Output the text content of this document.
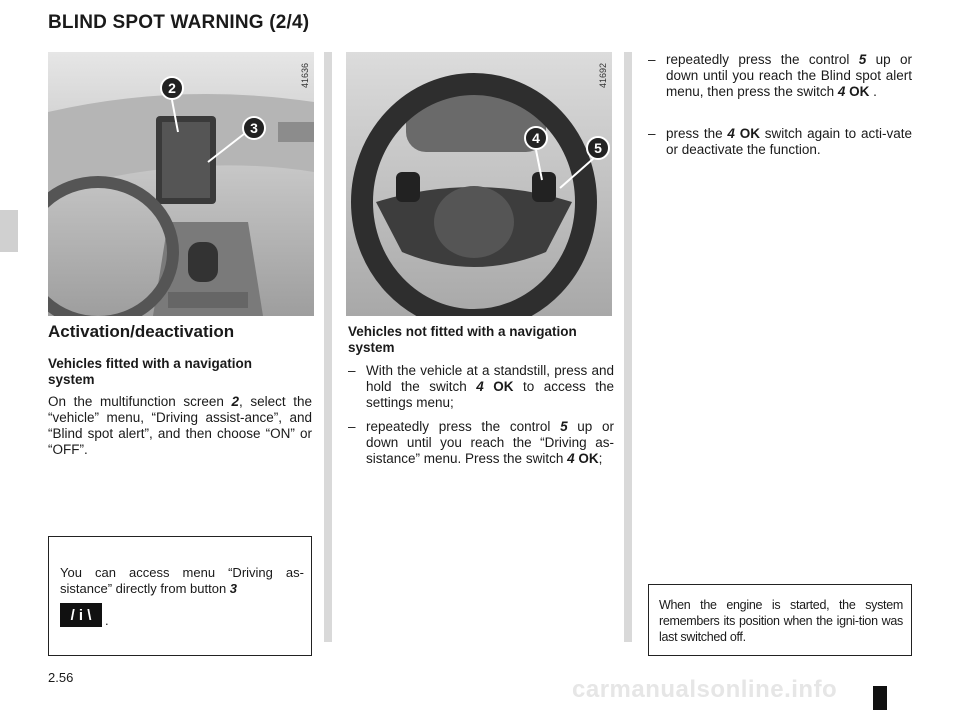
BLIND SPOT WARNING (2/4)
2
3
41636
4
5
41692
Activation/deactivation
Vehicles fitted with a navigation system
On the multifunction screen 2, select the “vehicle” menu, “Driving assist-ance”, and “Blind spot alert”, and then choose “ON” or “OFF”.
You can access menu “Driving as-sistance” directly from button 3
/ i \	.
Vehicles not fitted with a navigation system
– With the vehicle at a standstill, press and hold the switch 4 OK to access the settings menu;
– repeatedly press the control 5 up or down until you reach the “Driving as-sistance” menu. Press the switch 4 OK;
– repeatedly press the control 5 up or down until you reach the Blind spot alert menu, then press the switch 4 OK .
– press the 4 OK switch again to acti-vate or deactivate the function.
When the engine is started, the system remembers its position when the igni-tion was last switched off.
2.56	carmanualsonline.info
